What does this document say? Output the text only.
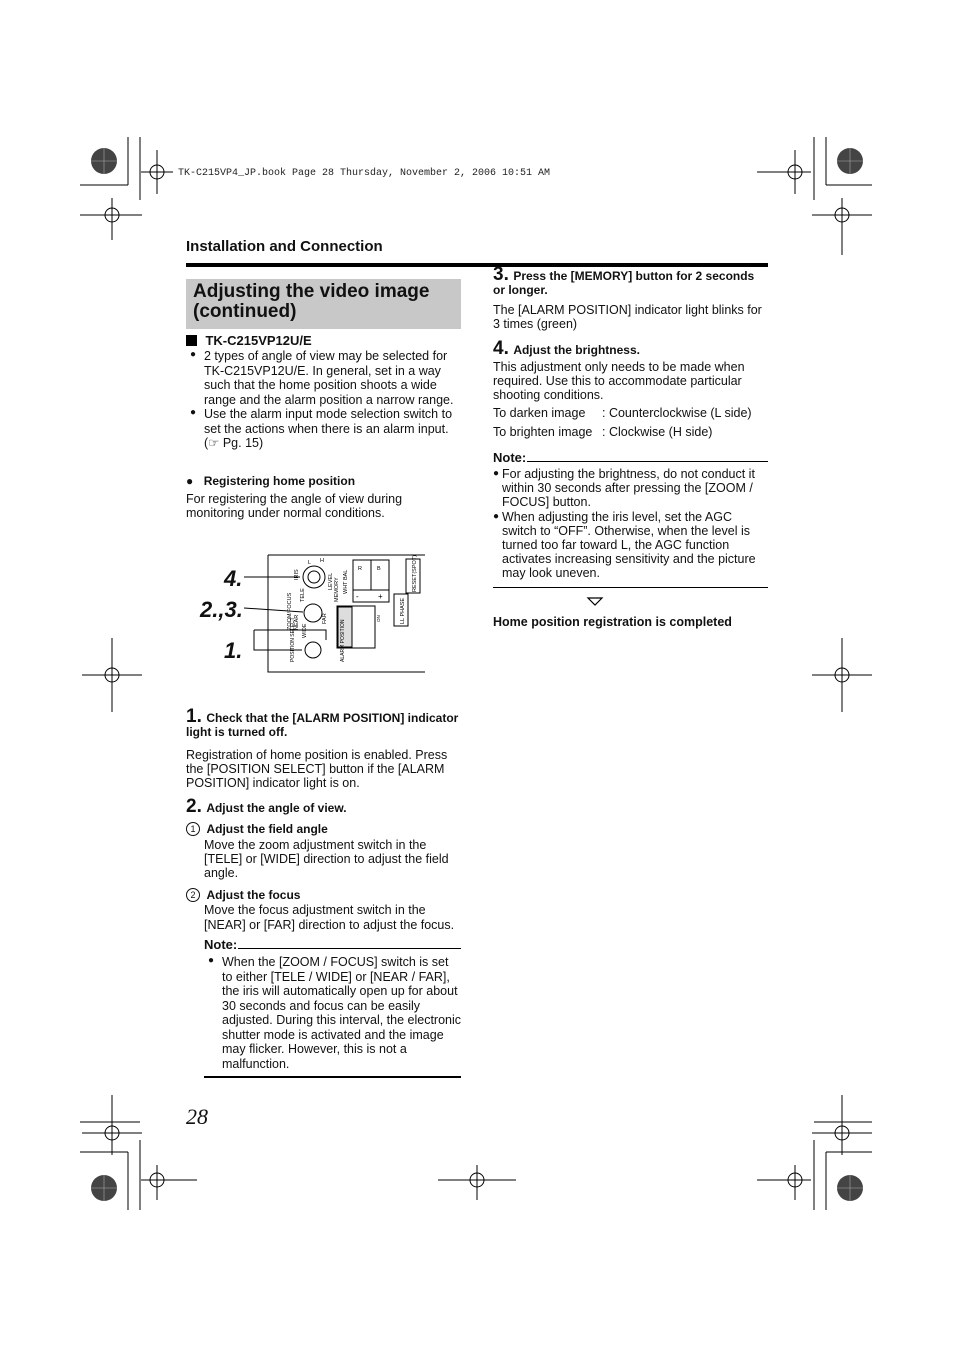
TK-C215VP4_JP.book Page 28 Thursday, November 2, 2006 10:51 AM
Installation and Connection
Adjusting the video image (continued)
TK-C215VP12U/E
● 2 types of angle of view may be selected for TK-C215VP12U/E. In general, set in a way such that the home position shoots a wide range and the alarm position a narrow range.

● Use the alarm input mode selection switch to set the actions when there is an alarm input. (☞ Pg. 15)

● Registering home position

For registering the angle of view during monitoring under normal conditions.

4.
2.,3.
1.
IRIS
L H
TELE
LEVEL
ZOOM/FOCUS NEAR
WIDE
FAR
WHT BAL
R	B
- +
MEMORY	RESET(SPOT)
LL PHASE
POSITION SELECT	ALARM POSITION
ON
1. Check that the [ALARM POSITION] indicator light is turned off.

Registration of home position is enabled. Press the [POSITION SELECT] button if the [ALARM POSITION] indicator light is on.

2. Adjust the angle of view.
1 Adjust the field angle

Move the zoom adjustment switch in the [TELE] or [WIDE] direction to adjust the field angle.

2 Adjust the focus

Move the focus adjustment switch in the [NEAR] or [FAR] direction to adjust the focus.

Note:
● When the [ZOOM / FOCUS] switch is set to either [TELE / WIDE] or [NEAR / FAR], the iris will automatically open up for about 30 seconds and focus can be easily adjusted. During this interval, the electronic shutter mode is activated and the image may flicker. However, this is not a malfunction.

28
3. Press the [MEMORY] button for 2 seconds or longer.

The [ALARM POSITION] indicator light blinks for 3 times (green)

4. Adjust the brightness.

This adjustment only needs to be made when required. Use this to accommodate particular shooting conditions.

To darken image : Counterclockwise (L side)
To brighten image : Clockwise (H side)
Note:
● For adjusting the brightness, do not conduct it within 30 seconds after pressing the [ZOOM / FOCUS] button.

● When adjusting the iris level, set the AGC switch to “OFF”. Otherwise, when the level is turned too far toward L, the AGC function activates increasing sensitivity and the picture may look uneven.

Home position registration is completed
